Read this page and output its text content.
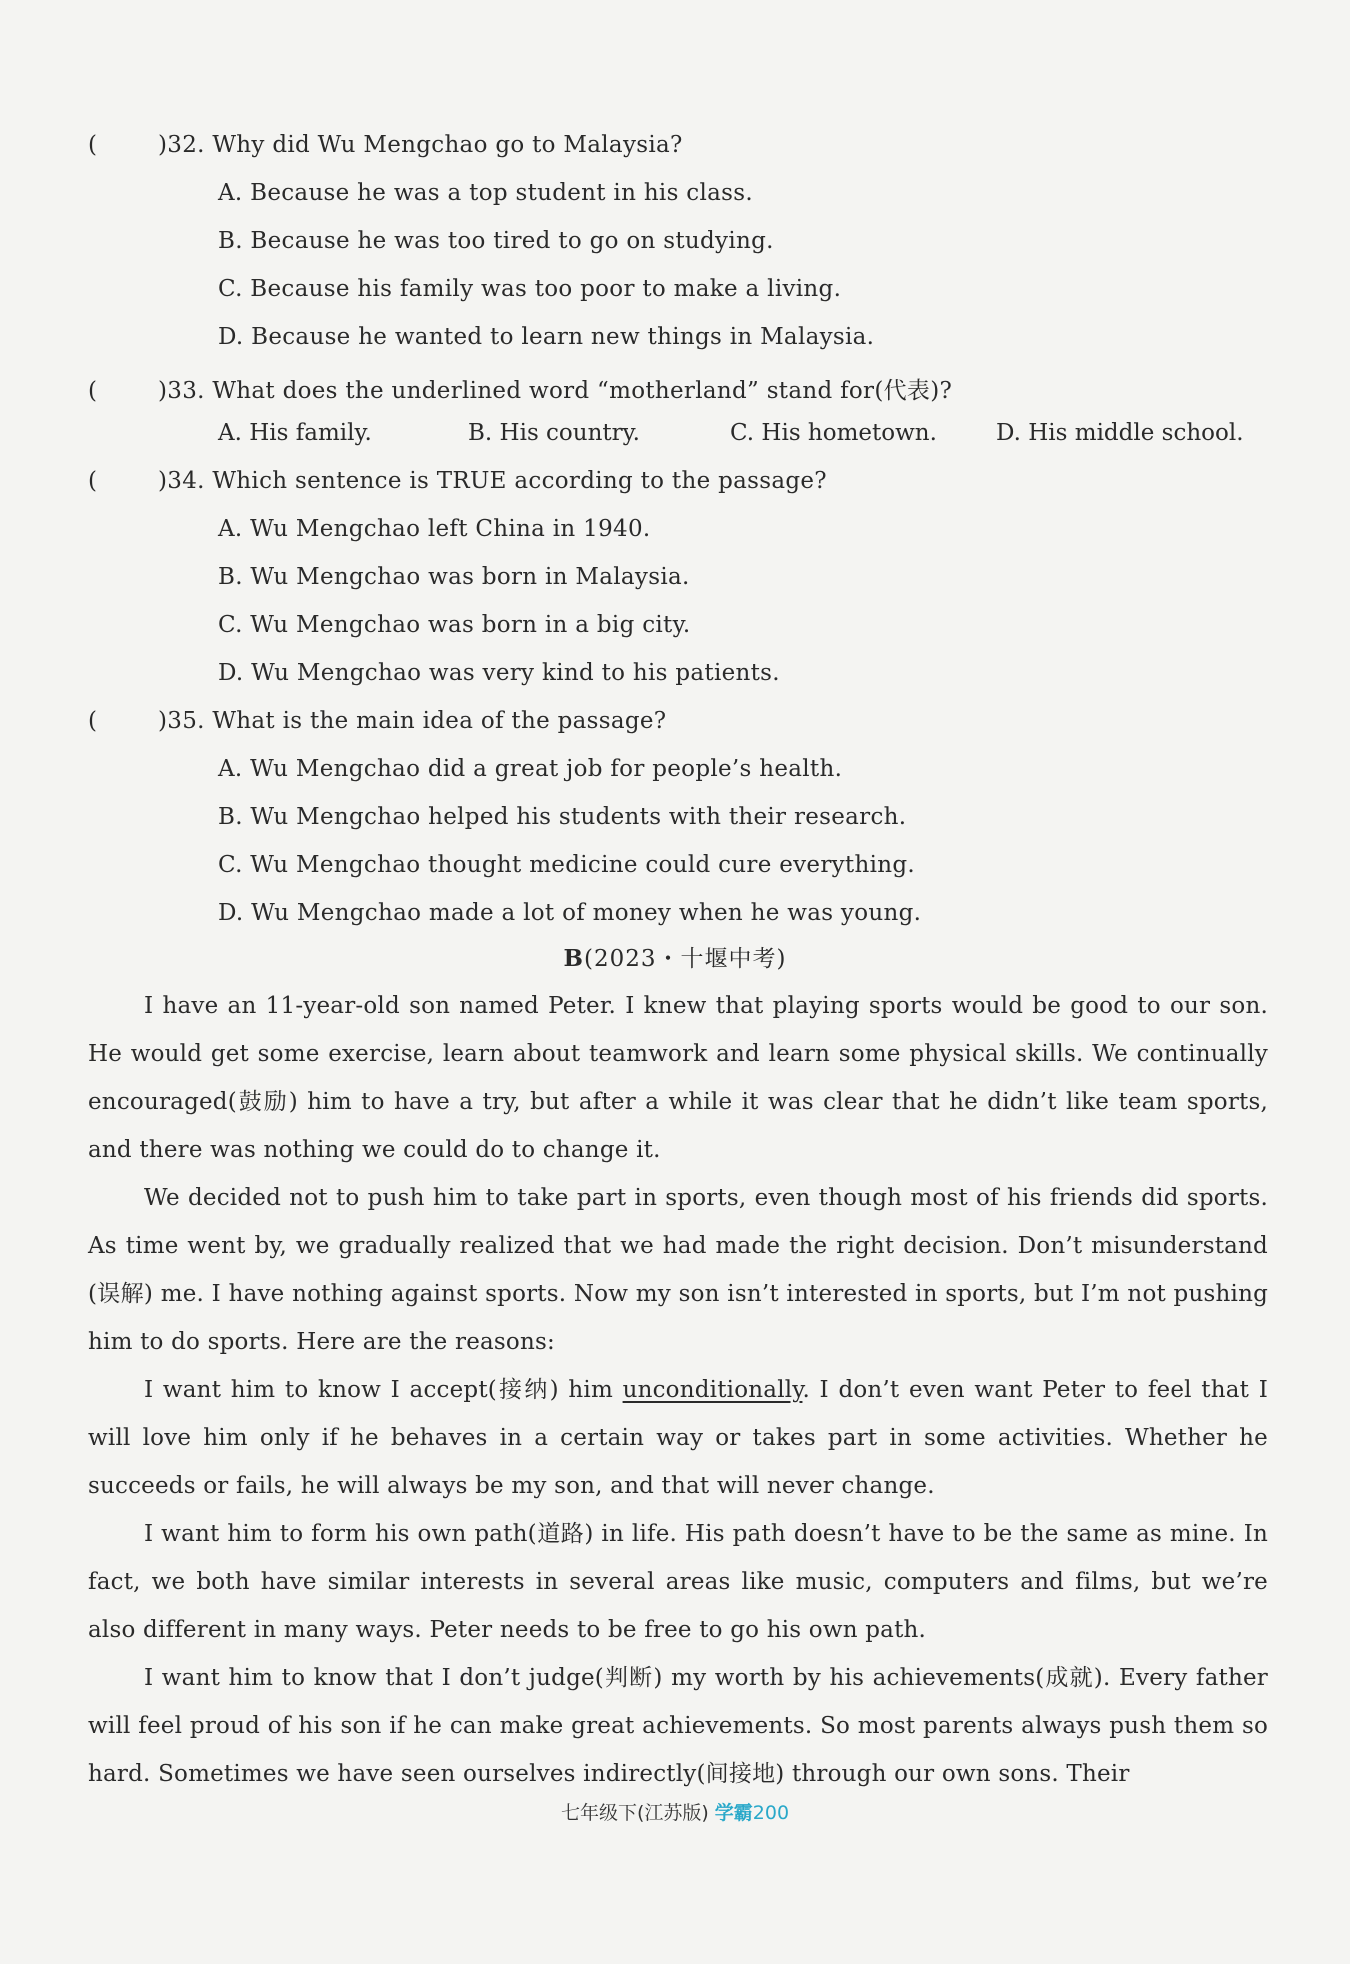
(	)32. Why did Wu Mengchao go to Malaysia?
A. Because he was a top student in his class.
B. Because he was too tired to go on studying.
C. Because his family was too poor to make a living.
D. Because he wanted to learn new things in Malaysia.
(	)33. What does the underlined word “motherland” stand for(代表)?
A. His family.	B. His country.	C. His hometown.	D. His middle school.
(	)34. Which sentence is TRUE according to the passage?
A. Wu Mengchao left China in 1940.
B. Wu Mengchao was born in Malaysia.
C. Wu Mengchao was born in a big city.
D. Wu Mengchao was very kind to his patients.
(	)35. What is the main idea of the passage?
A. Wu Mengchao did a great job for people’s health.
B. Wu Mengchao helped his students with their research.
C. Wu Mengchao thought medicine could cure everything.
D. Wu Mengchao made a lot of money when he was young.
B(2023・十堰中考)
I have an 11-year-old son named Peter. I knew that playing sports would be good to our son. He would get some exercise, learn about teamwork and learn some physical skills. We continually encouraged(鼓励) him to have a try, but after a while it was clear that he didn’t like team sports, and there was nothing we could do to change it.
We decided not to push him to take part in sports, even though most of his friends did sports. As time went by, we gradually realized that we had made the right decision. Don’t misunderstand (误解) me. I have nothing against sports. Now my son isn’t interested in sports, but I’m not pushing him to do sports. Here are the reasons:
I want him to know I accept(接纳) him unconditionally. I don’t even want Peter to feel that I will love him only if he behaves in a certain way or takes part in some activities. Whether he succeeds or fails, he will always be my son, and that will never change.
I want him to form his own path(道路) in life. His path doesn’t have to be the same as mine. In fact, we both have similar interests in several areas like music, computers and films, but we’re also different in many ways. Peter needs to be free to go his own path.
I want him to know that I don’t judge(判断) my worth by his achievements(成就). Every father will feel proud of his son if he can make great achievements. So most parents always push them so hard. Sometimes we have seen ourselves indirectly(间接地) through our own sons. Their
七年级下(江苏版) 学霸200
